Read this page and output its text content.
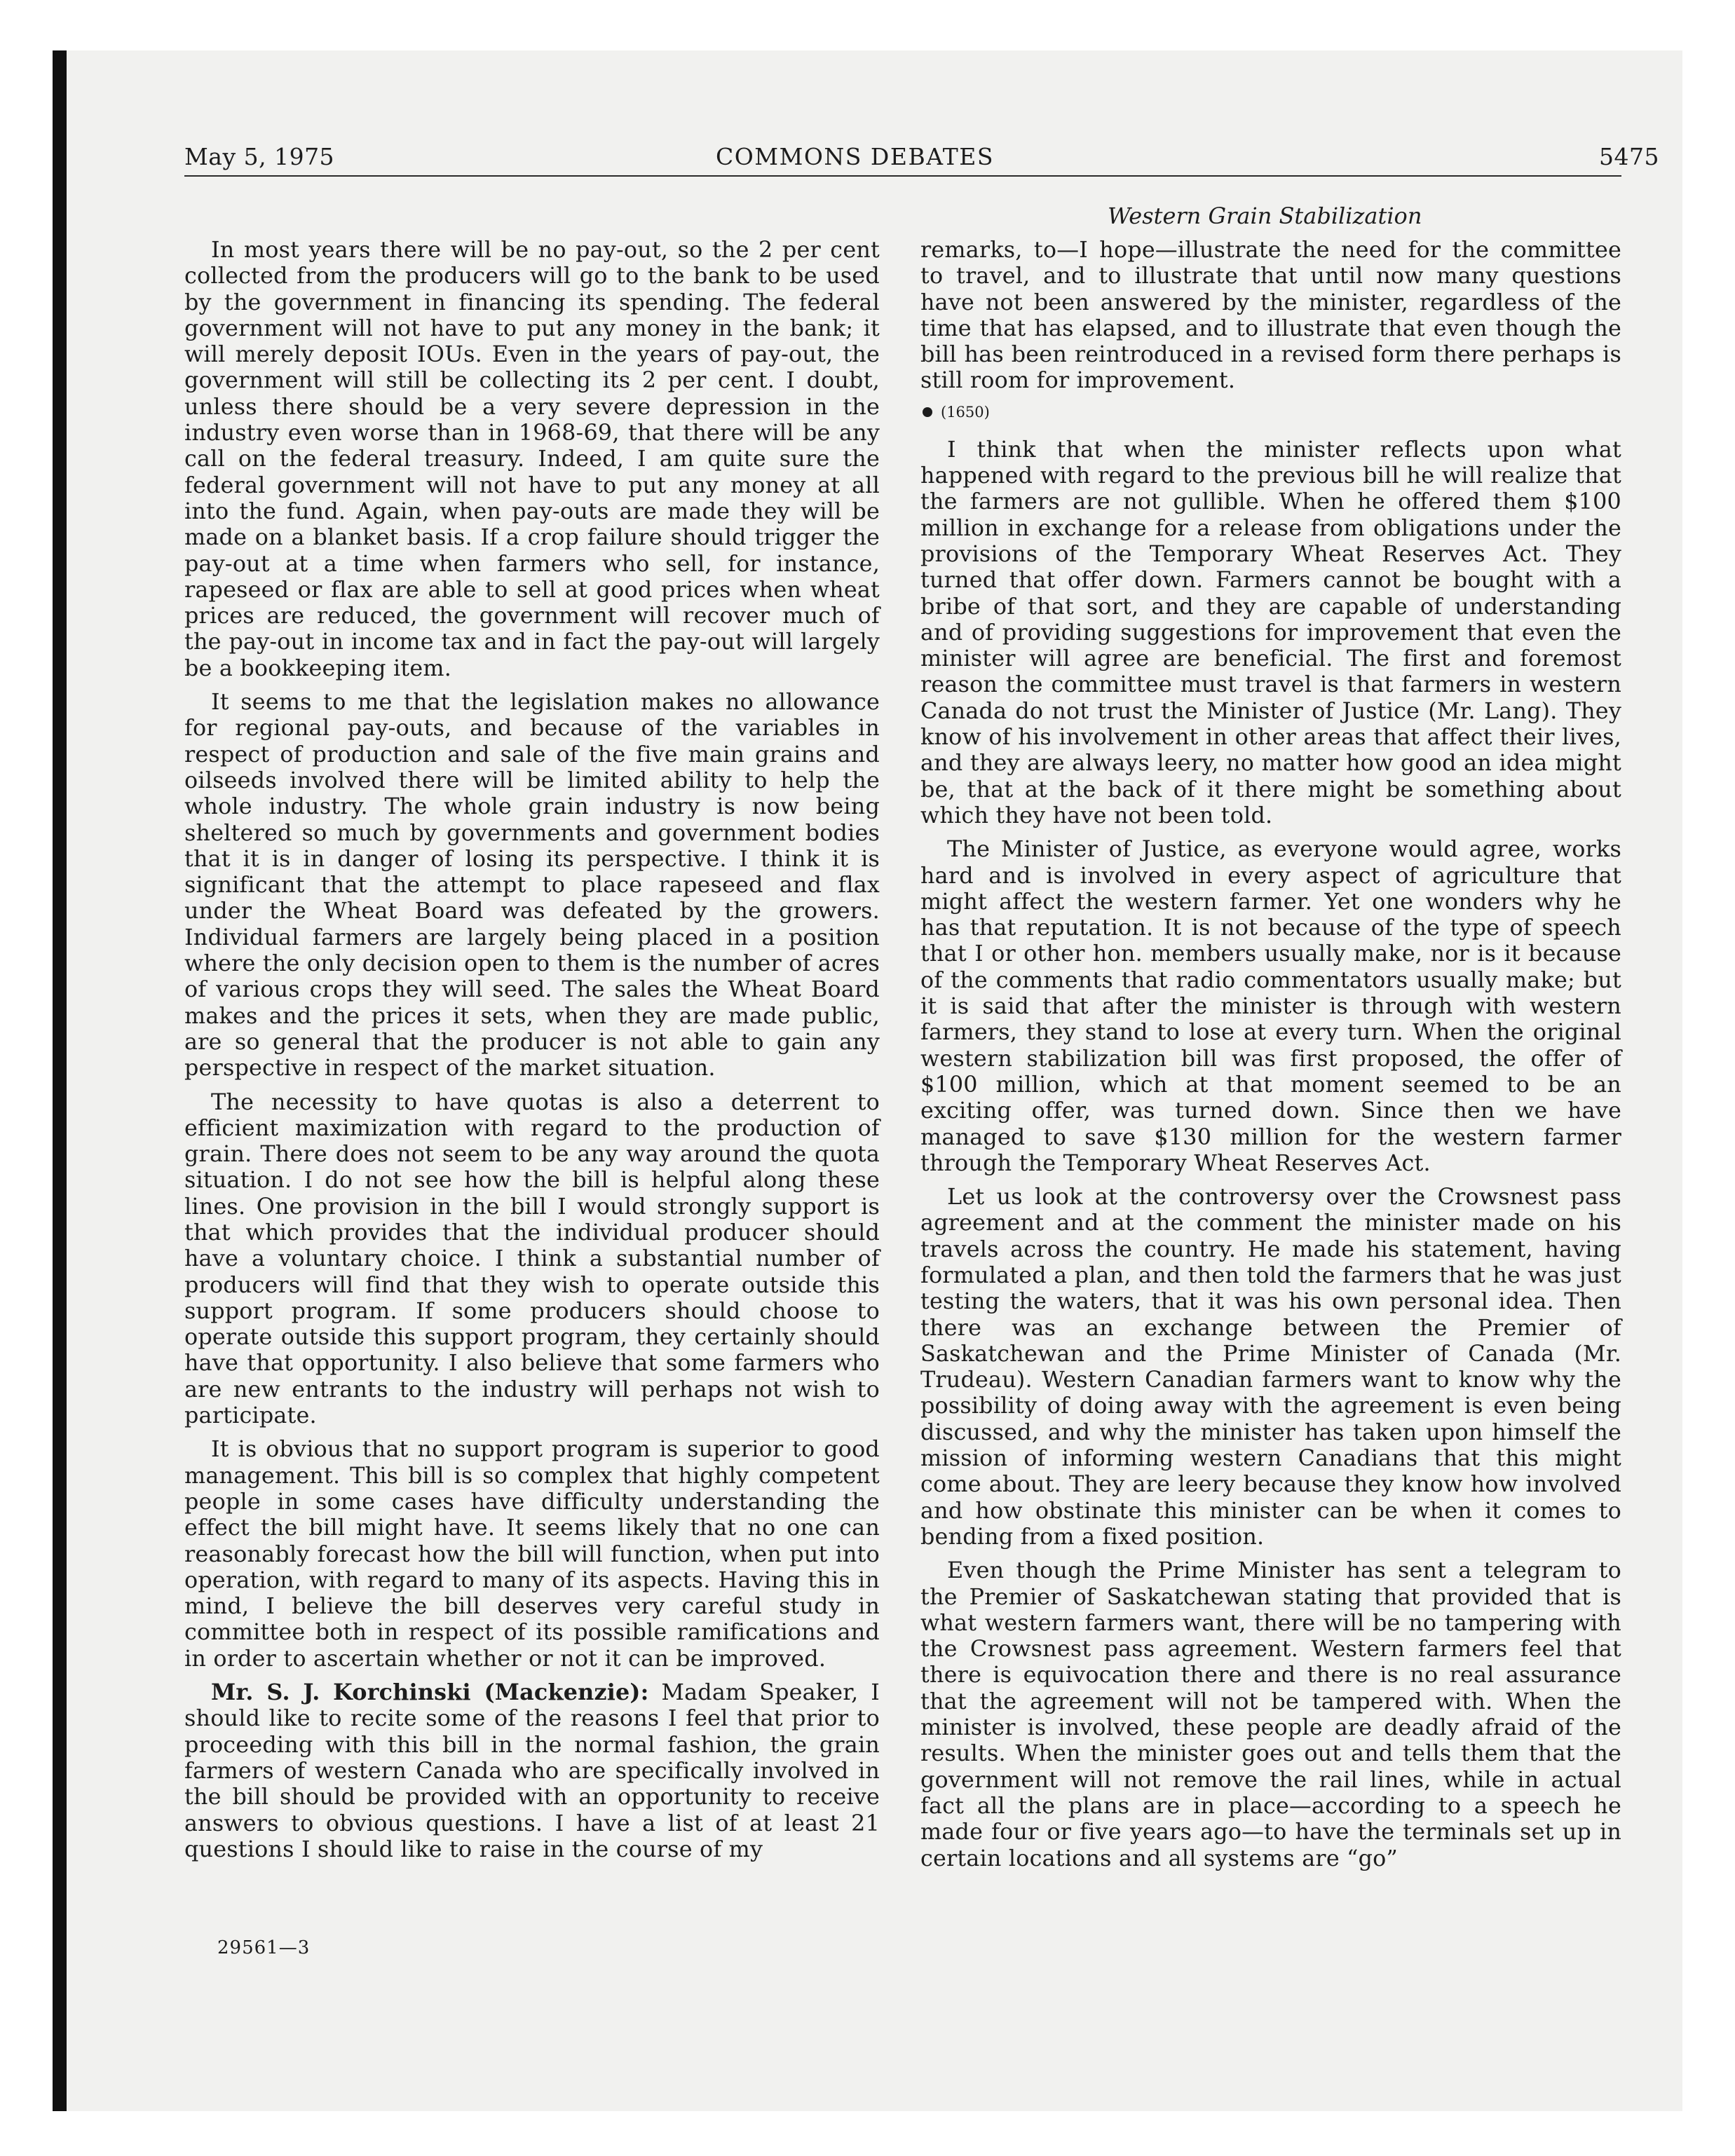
May 5, 1975	COMMONS DEBATES	5475
Western Grain Stabilization

In most years there will be no pay-out, so the 2 per cent collected from the producers will go to the bank to be used by the government in financing its spending. The federal government will not have to put any money in the bank; it will merely deposit IOUs. Even in the years of pay-out, the government will still be collecting its 2 per cent. I doubt, unless there should be a very severe depression in the industry even worse than in 1968-69, that there will be any call on the federal treasury. Indeed, I am quite sure the federal government will not have to put any money at all into the fund. Again, when pay-outs are made they will be made on a blanket basis. If a crop failure should trigger the pay-out at a time when farmers who sell, for instance, rapeseed or flax are able to sell at good prices when wheat prices are reduced, the government will recover much of the pay-out in income tax and in fact the pay-out will largely be a bookkeeping item.

It seems to me that the legislation makes no allowance for regional pay-outs, and because of the variables in respect of production and sale of the five main grains and oilseeds involved there will be limited ability to help the whole industry. The whole grain industry is now being sheltered so much by governments and government bodies that it is in danger of losing its perspective. I think it is significant that the attempt to place rapeseed and flax under the Wheat Board was defeated by the growers. Individual farmers are largely being placed in a position where the only decision open to them is the number of acres of various crops they will seed. The sales the Wheat Board makes and the prices it sets, when they are made public, are so general that the producer is not able to gain any perspective in respect of the market situation.

The necessity to have quotas is also a deterrent to efficient maximization with regard to the production of grain. There does not seem to be any way around the quota situation. I do not see how the bill is helpful along these lines. One provision in the bill I would strongly support is that which provides that the individual producer should have a voluntary choice. I think a substantial number of producers will find that they wish to operate outside this support program. If some producers should choose to operate outside this support program, they certainly should have that opportunity. I also believe that some farmers who are new entrants to the industry will perhaps not wish to participate.

It is obvious that no support program is superior to good management. This bill is so complex that highly competent people in some cases have difficulty understanding the effect the bill might have. It seems likely that no one can reasonably forecast how the bill will function, when put into operation, with regard to many of its aspects. Having this in mind, I believe the bill deserves very careful study in committee both in respect of its possible ramifications and in order to ascertain whether or not it can be improved.

Mr. S. J. Korchinski (Mackenzie): Madam Speaker, I should like to recite some of the reasons I feel that prior to proceeding with this bill in the normal fashion, the grain farmers of western Canada who are specifically involved in the bill should be provided with an opportunity to receive answers to obvious questions. I have a list of at least 21 questions I should like to raise in the course of my

remarks, to—I hope—illustrate the need for the committee to travel, and to illustrate that until now many questions have not been answered by the minister, regardless of the time that has elapsed, and to illustrate that even though the bill has been reintroduced in a revised form there perhaps is still room for improvement.

(1650)

I think that when the minister reflects upon what happened with regard to the previous bill he will realize that the farmers are not gullible. When he offered them $100 million in exchange for a release from obligations under the provisions of the Temporary Wheat Reserves Act. They turned that offer down. Farmers cannot be bought with a bribe of that sort, and they are capable of understanding and of providing suggestions for improvement that even the minister will agree are beneficial. The first and foremost reason the committee must travel is that farmers in western Canada do not trust the Minister of Justice (Mr. Lang). They know of his involvement in other areas that affect their lives, and they are always leery, no matter how good an idea might be, that at the back of it there might be something about which they have not been told.

The Minister of Justice, as everyone would agree, works hard and is involved in every aspect of agriculture that might affect the western farmer. Yet one wonders why he has that reputation. It is not because of the type of speech that I or other hon. members usually make, nor is it because of the comments that radio commentators usually make; but it is said that after the minister is through with western farmers, they stand to lose at every turn. When the original western stabilization bill was first proposed, the offer of $100 million, which at that moment seemed to be an exciting offer, was turned down. Since then we have managed to save $130 million for the western farmer through the Temporary Wheat Reserves Act.

Let us look at the controversy over the Crowsnest pass agreement and at the comment the minister made on his travels across the country. He made his statement, having formulated a plan, and then told the farmers that he was just testing the waters, that it was his own personal idea. Then there was an exchange between the Premier of Saskatchewan and the Prime Minister of Canada (Mr. Trudeau). Western Canadian farmers want to know why the possibility of doing away with the agreement is even being discussed, and why the minister has taken upon himself the mission of informing western Canadians that this might come about. They are leery because they know how involved and how obstinate this minister can be when it comes to bending from a fixed position.

Even though the Prime Minister has sent a telegram to the Premier of Saskatchewan stating that provided that is what western farmers want, there will be no tampering with the Crowsnest pass agreement. Western farmers feel that there is equivocation there and there is no real assurance that the agreement will not be tampered with. When the minister is involved, these people are deadly afraid of the results. When the minister goes out and tells them that the government will not remove the rail lines, while in actual fact all the plans are in place—according to a speech he made four or five years ago—to have the terminals set up in certain locations and all systems are “go”

29561—3
